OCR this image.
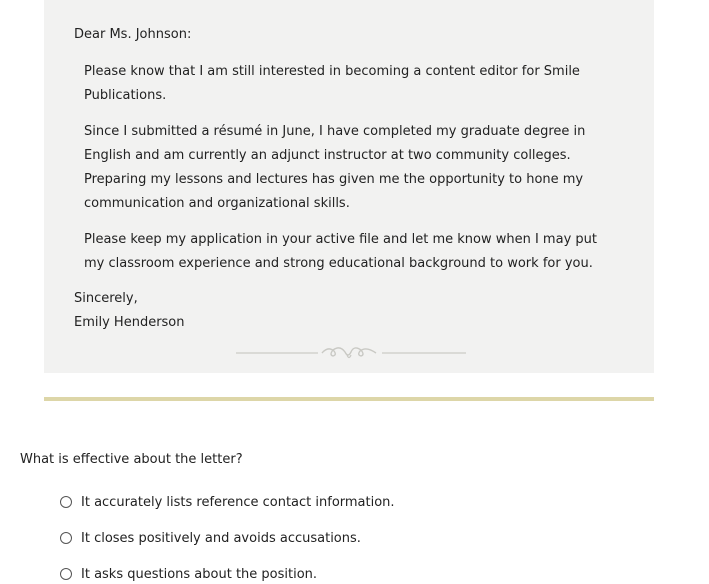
Dear Ms. Johnson:

Please know that I am still interested in becoming a content editor for Smile Publications.

Since I submitted a résumé in June, I have completed my graduate degree in English and am currently an adjunct instructor at two community colleges. Preparing my lessons and lectures has given me the opportunity to hone my communication and organizational skills.

Please keep my application in your active file and let me know when I may put my classroom experience and strong educational background to work for you.

Sincerely,

Emily Henderson

What is effective about the letter?

It accurately lists reference contact information.
It closes positively and avoids accusations.
It asks questions about the position.
